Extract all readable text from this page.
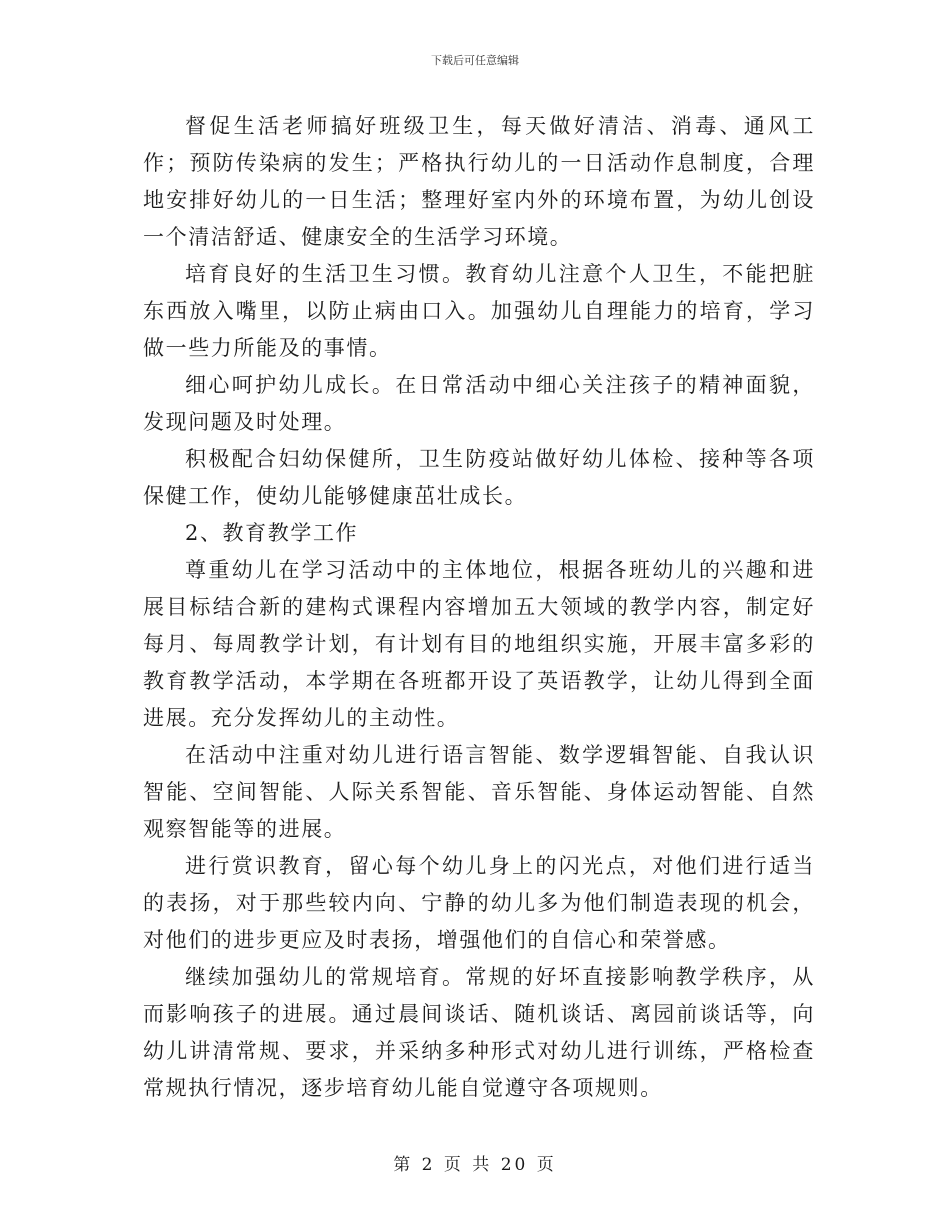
下载后可任意编辑

督促生活老师搞好班级卫生，每天做好清洁、消毒、通风工作；预防传染病的发生；严格执行幼儿的一日活动作息制度，合理地安排好幼儿的一日生活；整理好室内外的环境布置，为幼儿创设一个清洁舒适、健康安全的生活学习环境。

培育良好的生活卫生习惯。教育幼儿注意个人卫生，不能把脏东西放入嘴里，以防止病由口入。加强幼儿自理能力的培育，学习做一些力所能及的事情。

细心呵护幼儿成长。在日常活动中细心关注孩子的精神面貌，发现问题及时处理。

积极配合妇幼保健所，卫生防疫站做好幼儿体检、接种等各项保健工作，使幼儿能够健康茁壮成长。

2、教育教学工作

尊重幼儿在学习活动中的主体地位，根据各班幼儿的兴趣和进展目标结合新的建构式课程内容增加五大领域的教学内容，制定好每月、每周教学计划，有计划有目的地组织实施，开展丰富多彩的教育教学活动，本学期在各班都开设了英语教学，让幼儿得到全面进展。充分发挥幼儿的主动性。

在活动中注重对幼儿进行语言智能、数学逻辑智能、自我认识智能、空间智能、人际关系智能、音乐智能、身体运动智能、自然观察智能等的进展。

进行赏识教育，留心每个幼儿身上的闪光点，对他们进行适当的表扬，对于那些较内向、宁静的幼儿多为他们制造表现的机会，对他们的进步更应及时表扬，增强他们的自信心和荣誉感。

继续加强幼儿的常规培育。常规的好坏直接影响教学秩序，从而影响孩子的进展。通过晨间谈话、随机谈话、离园前谈话等，向幼儿讲清常规、要求，并采纳多种形式对幼儿进行训练，严格检查常规执行情况，逐步培育幼儿能自觉遵守各项规则。

第 2 页 共 20 页
